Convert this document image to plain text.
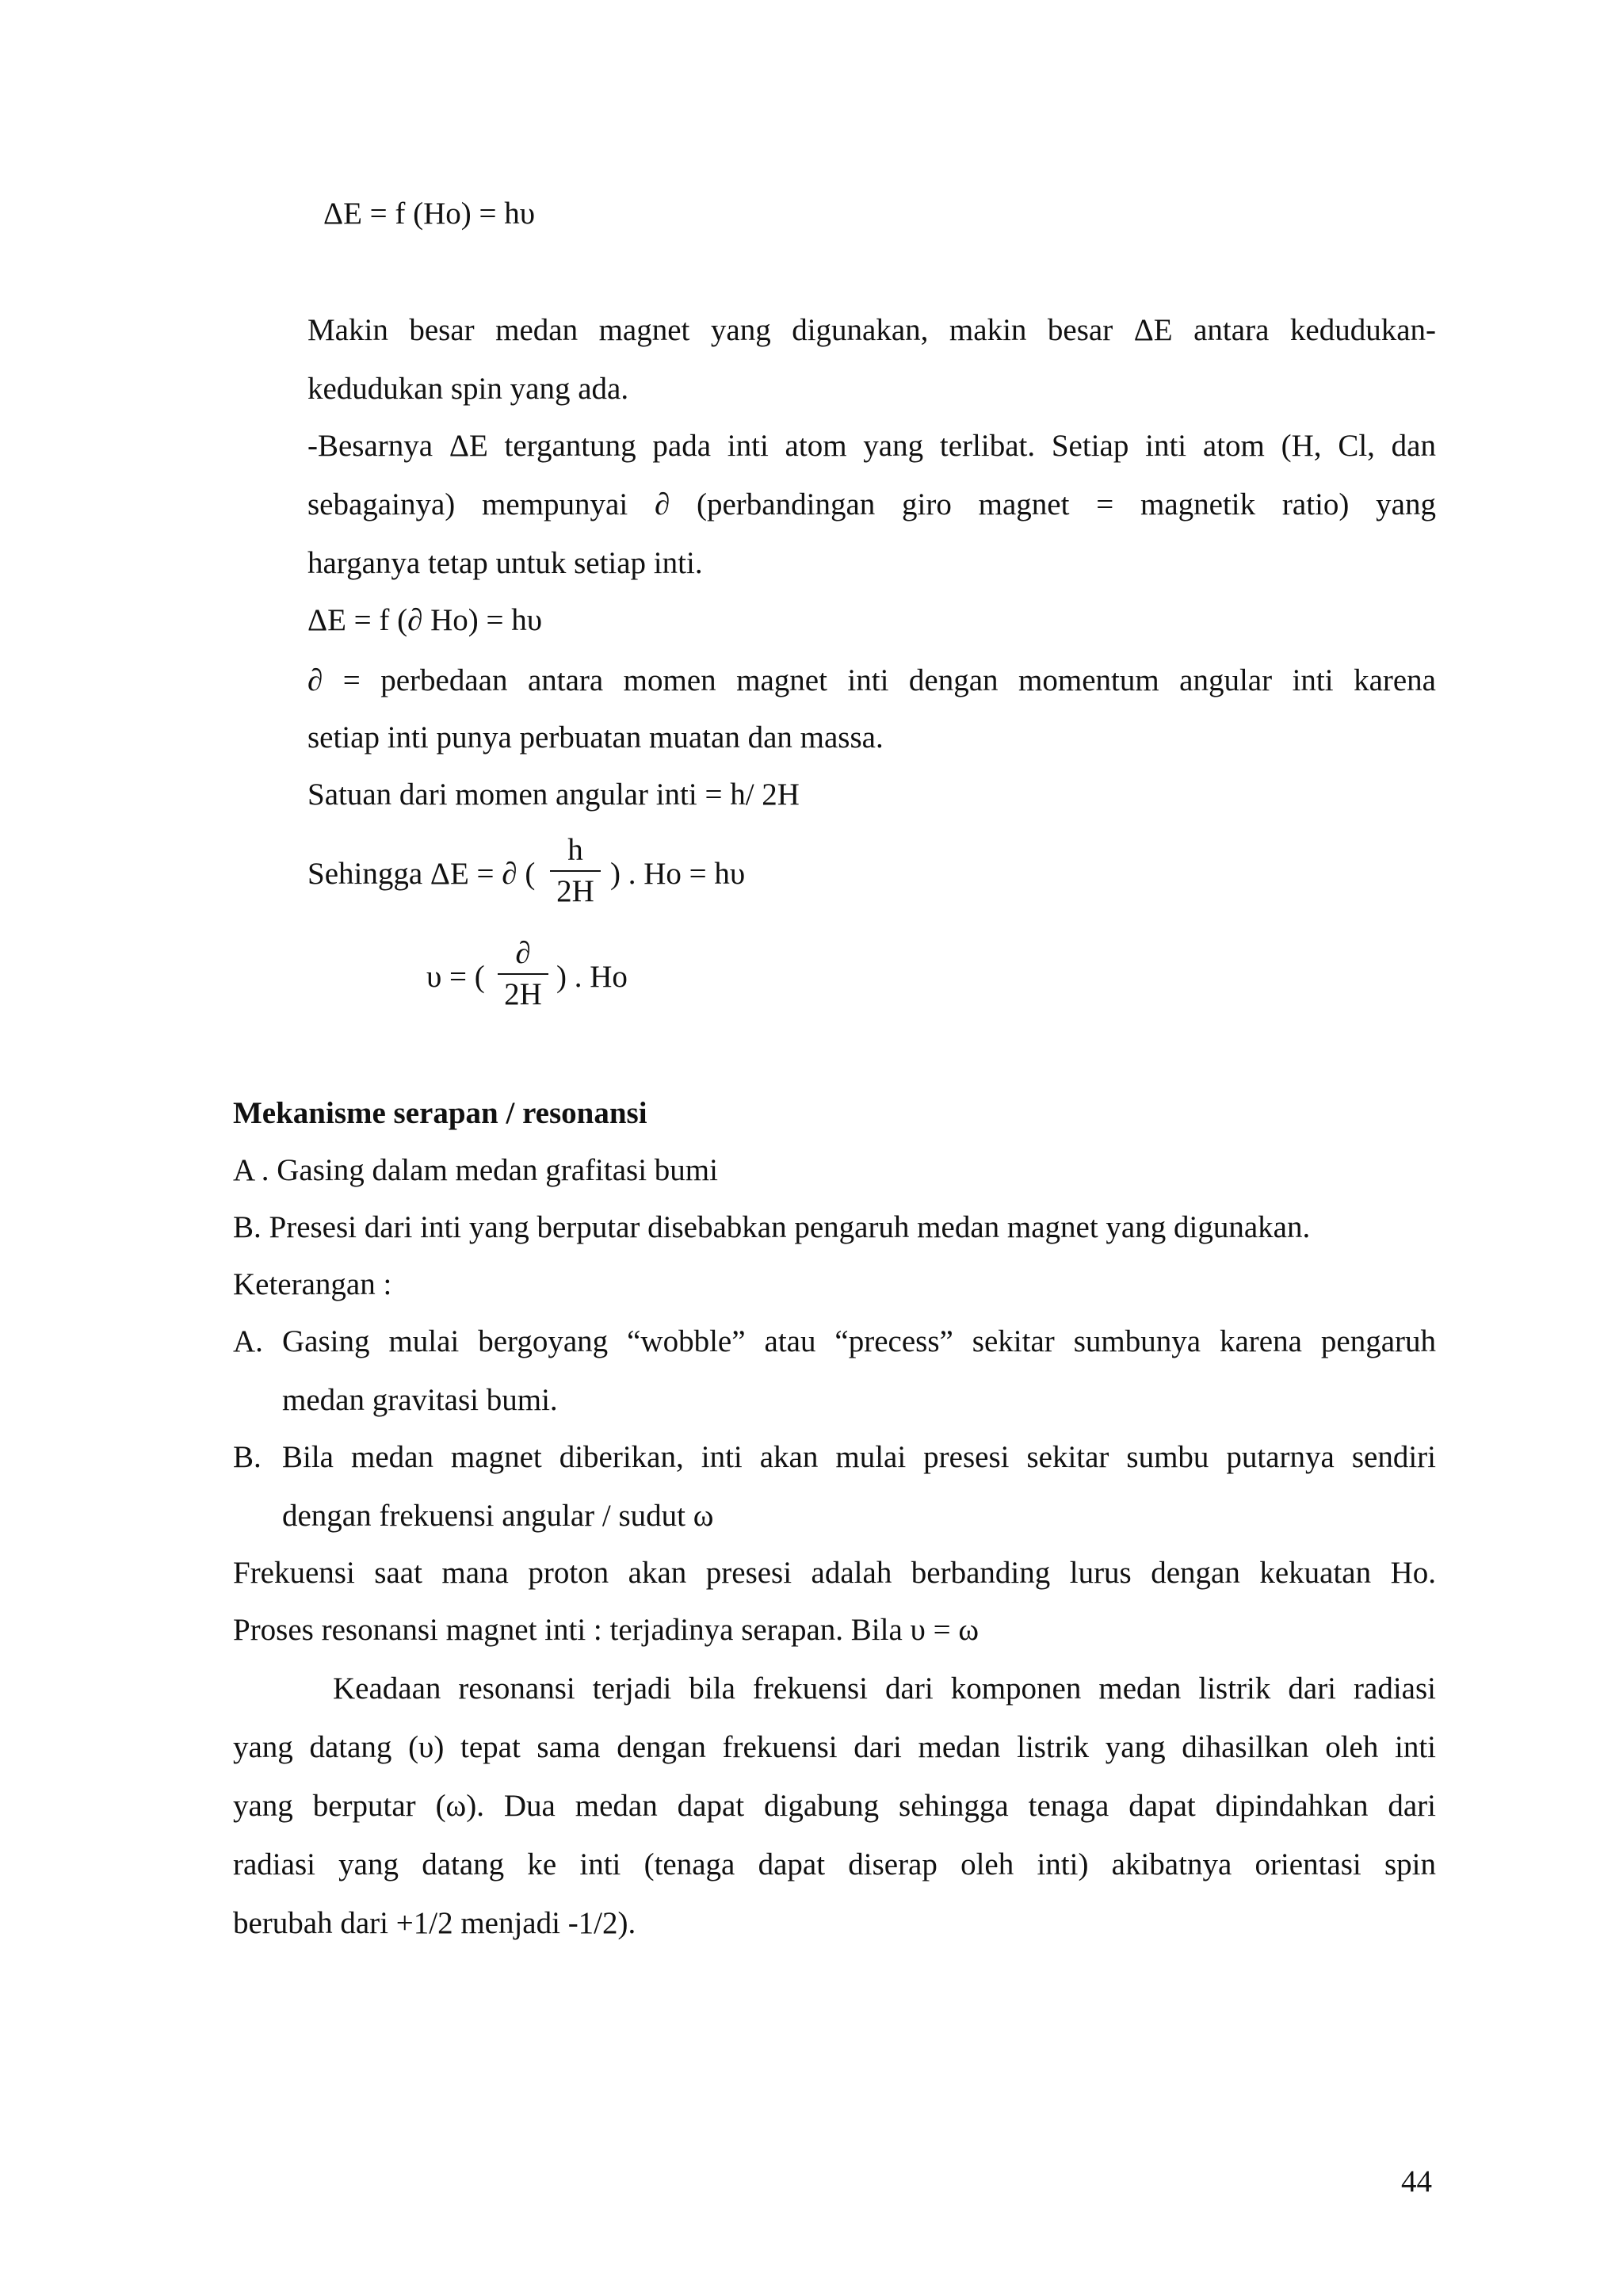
ΔE = f (Ho) = hυ
Makin besar medan magnet yang digunakan, makin besar ΔE antara kedudukan-
kedudukan spin yang ada.
-Besarnya ΔE tergantung pada inti atom yang terlibat. Setiap inti atom (H, Cl, dan
sebagainya) mempunyai ∂ (perbandingan giro magnet = magnetik ratio) yang
harganya tetap untuk setiap inti.
ΔE = f (∂ Ho) = hυ
∂ = perbedaan antara momen magnet inti dengan momentum angular inti karena
setiap inti punya perbuatan muatan dan massa.
Satuan dari momen angular inti = h/ 2H
Sehingga ΔE = ∂ (
h
2H
) . Ho = hυ
υ = (
∂
2H
) . Ho
Mekanisme serapan / resonansi
A . Gasing dalam medan grafitasi bumi
B. Presesi dari inti yang berputar disebabkan pengaruh medan magnet yang digunakan.
Keterangan :
A. Gasing mulai bergoyang “wobble” atau “precess” sekitar sumbunya karena pengaruh
medan gravitasi bumi.
B. Bila medan magnet diberikan, inti akan mulai presesi sekitar sumbu putarnya sendiri
dengan frekuensi angular / sudut ω
Frekuensi saat mana proton akan presesi adalah berbanding lurus dengan kekuatan Ho.
Proses resonansi magnet inti : terjadinya serapan. Bila υ = ω
Keadaan resonansi terjadi bila frekuensi dari komponen medan listrik dari radiasi
yang datang (υ) tepat sama dengan frekuensi dari medan listrik yang dihasilkan oleh inti
yang berputar (ω). Dua medan dapat digabung sehingga tenaga dapat dipindahkan dari
radiasi yang datang ke inti (tenaga dapat diserap oleh inti) akibatnya orientasi spin
berubah dari +1/2 menjadi -1/2).
44
